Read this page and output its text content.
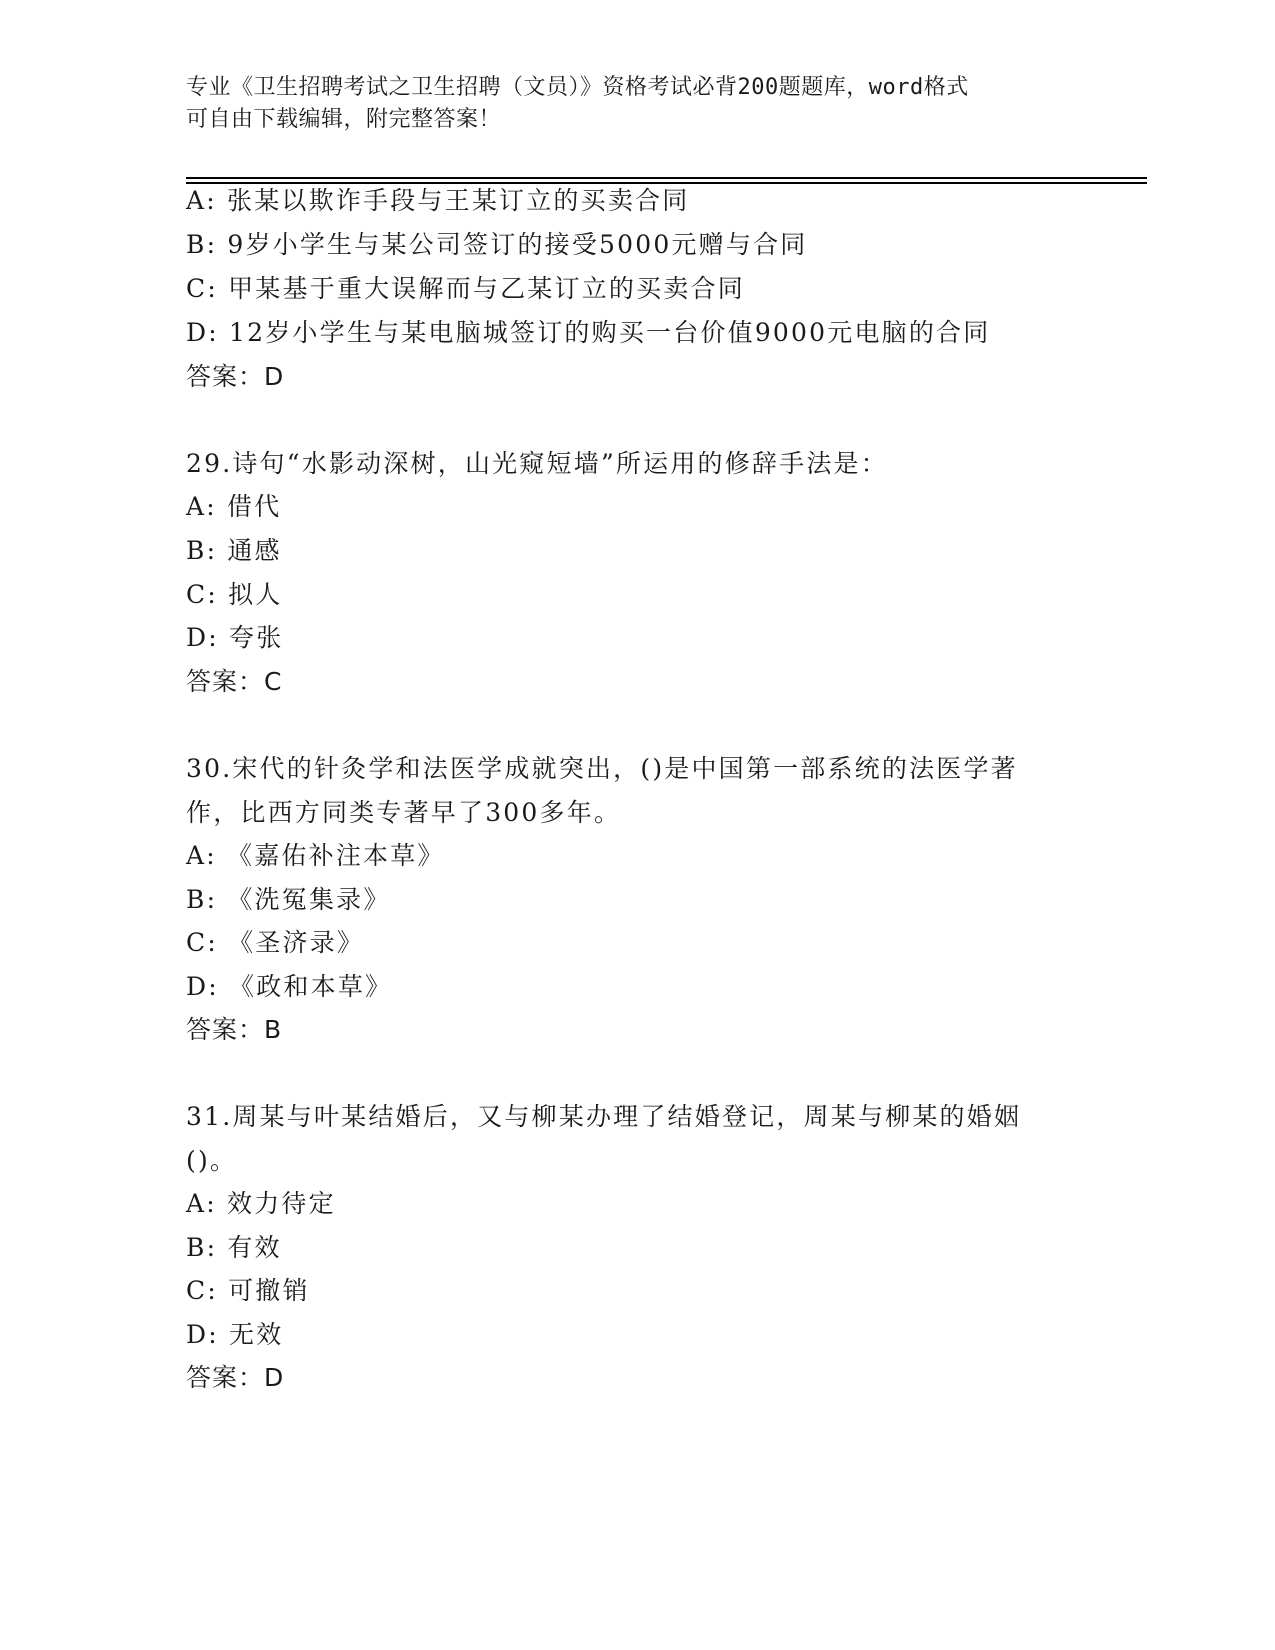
专业《卫生招聘考试之卫生招聘（文员）》资格考试必背200题题库，word格式
可自由下载编辑，附完整答案！
A: 张某以欺诈手段与王某订立的买卖合同
B: 9岁小学生与某公司签订的接受5000元赠与合同
C: 甲某基于重大误解而与乙某订立的买卖合同
D: 12岁小学生与某电脑城签订的购买一台价值9000元电脑的合同
答案：D
29.诗句“水影动深树，山光窥短墙”所运用的修辞手法是：
A: 借代
B: 通感
C: 拟人
D: 夸张
答案：C
30.宋代的针灸学和法医学成就突出，()是中国第一部系统的法医学著
作，比西方同类专著早了300多年。
A: 《嘉佑补注本草》
B: 《洗冤集录》
C: 《圣济录》
D: 《政和本草》
答案：B
31.周某与叶某结婚后，又与柳某办理了结婚登记，周某与柳某的婚姻
()。
A: 效力待定
B: 有效
C: 可撤销
D: 无效
答案：D
